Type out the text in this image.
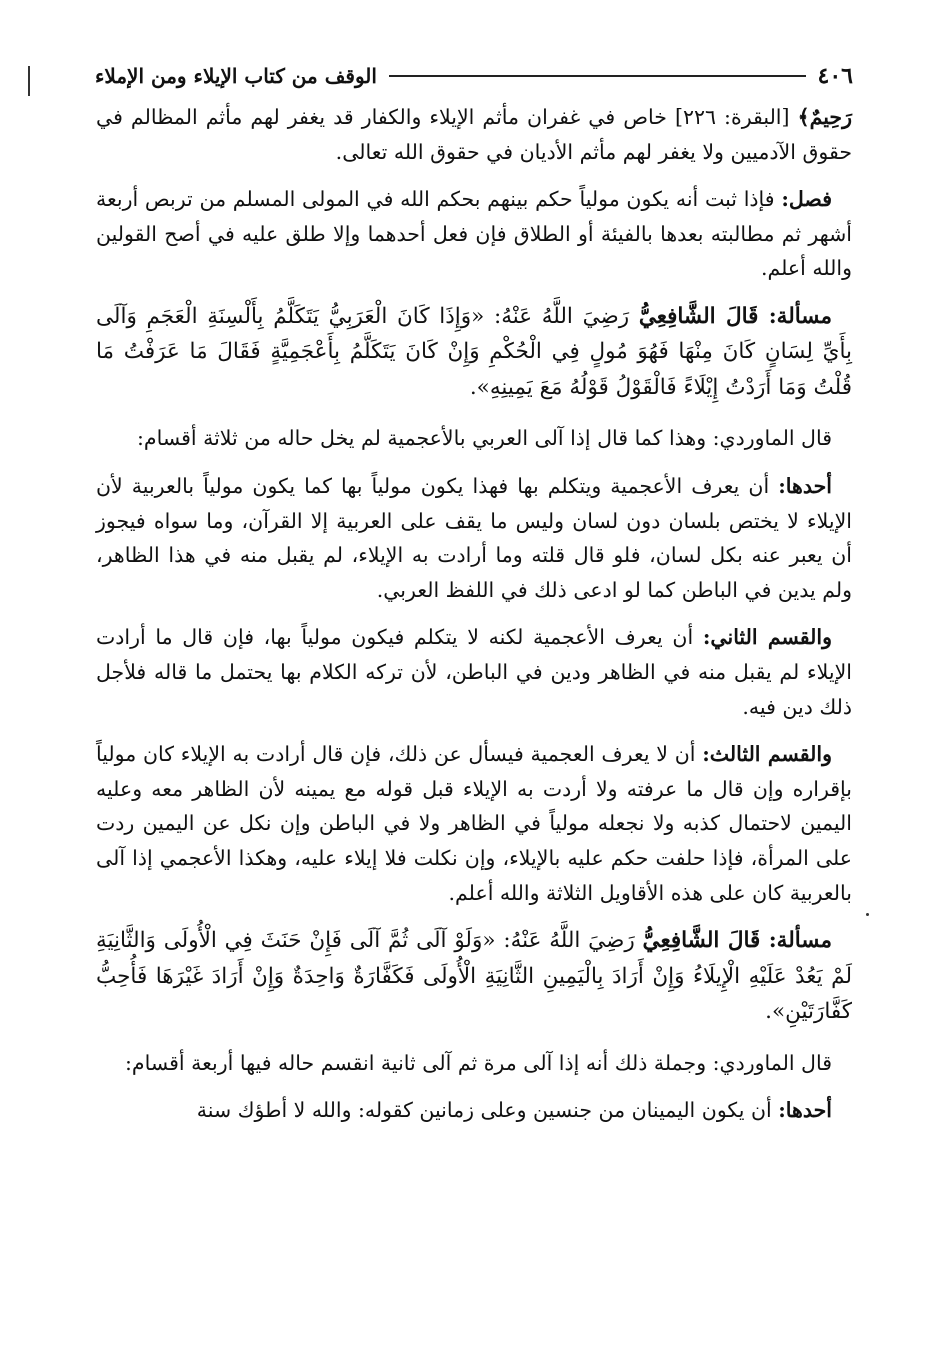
٤٠٦
الوقف من كتاب الإيلاء ومن الإملاء

رَحِيمٌ﴾ [البقرة: ٢٢٦] خاص في غفران مأثم الإيلاء والكفار قد يغفر لهم مأثم المظالم في حقوق الآدميين ولا يغفر لهم مأثم الأديان في حقوق الله تعالى.

فصل: فإذا ثبت أنه يكون مولياً حكم بينهم بحكم الله في المولى المسلم من تربص أربعة أشهر ثم مطالبته بعدها بالفيئة أو الطلاق فإن فعل أحدهما وإلا طلق عليه في أصح القولين والله أعلم.

مسألة: قَالَ الشَّافِعِيُّ رَضِيَ اللَّهُ عَنْهُ: «وَإِذَا كَانَ الْعَرَبِيُّ يَتَكَلَّمُ بِأَلْسِنَةِ الْعَجَمِ وَآلَى بِأَيِّ لِسَانٍ كَانَ مِنْهَا فَهُوَ مُولٍ فِي الْحُكْمِ وَإِنْ كَانَ يَتَكَلَّمُ بِأَعْجَمِيَّةٍ فَقَالَ مَا عَرَفْتُ مَا قُلْتُ وَمَا أَرَدْتُ إِيْلَاءً فَالْقَوْلُ قَوْلُهُ مَعَ يَمِينِهِ».

قال الماوردي: وهذا كما قال إذا آلى العربي بالأعجمية لم يخل حاله من ثلاثة أقسام:

أحدها: أن يعرف الأعجمية ويتكلم بها فهذا يكون مولياً بها كما يكون مولياً بالعربية لأن الإيلاء لا يختص بلسان دون لسان وليس ما يقف على العربية إلا القرآن، وما سواه فيجوز أن يعبر عنه بكل لسان، فلو قال قلته وما أرادت به الإيلاء، لم يقبل منه في هذا الظاهر، ولم يدين في الباطن كما لو ادعى ذلك في اللفظ العربي.

والقسم الثاني: أن يعرف الأعجمية لكنه لا يتكلم فيكون مولياً بها، فإن قال ما أرادت الإيلاء لم يقبل منه في الظاهر ودين في الباطن، لأن تركه الكلام بها يحتمل ما قاله فلأجل ذلك دين فيه.

والقسم الثالث: أن لا يعرف العجمية فيسأل عن ذلك، فإن قال أرادت به الإيلاء كان مولياً بإقراره وإن قال ما عرفته ولا أردت به الإيلاء قبل قوله مع يمينه لأن الظاهر معه وعليه اليمين لاحتمال كذبه ولا نجعله مولياً في الظاهر ولا في الباطن وإن نكل عن اليمين ردت على المرأة، فإذا حلفت حكم عليه بالإيلاء، وإن نكلت فلا إيلاء عليه، وهكذا الأعجمي إذا آلى بالعربية كان على هذه الأقاويل الثلاثة والله أعلم.

مسألة: قَالَ الشَّافِعِيُّ رَضِيَ اللَّهُ عَنْهُ: «وَلَوْ آلَى ثُمَّ آلَى فَإِنْ حَنَثَ فِي الْأُولَى وَالثَّانِيَةِ لَمْ يَعُدْ عَلَيْهِ الْإِيلَاءُ وَإِنْ أَرَادَ بِالْيَمِينِ الثَّانِيَةِ الْأُولَى فَكَفَّارَةٌ وَاحِدَةٌ وَإِنْ أَرَادَ غَيْرَهَا فَأُحِبُّ كَفَّارَتَيْنِ».

قال الماوردي: وجملة ذلك أنه إذا آلى مرة ثم آلى ثانية انقسم حاله فيها أربعة أقسام:

أحدها: أن يكون اليمينان من جنسين وعلى زمانين كقوله: والله لا أطؤك سنة
